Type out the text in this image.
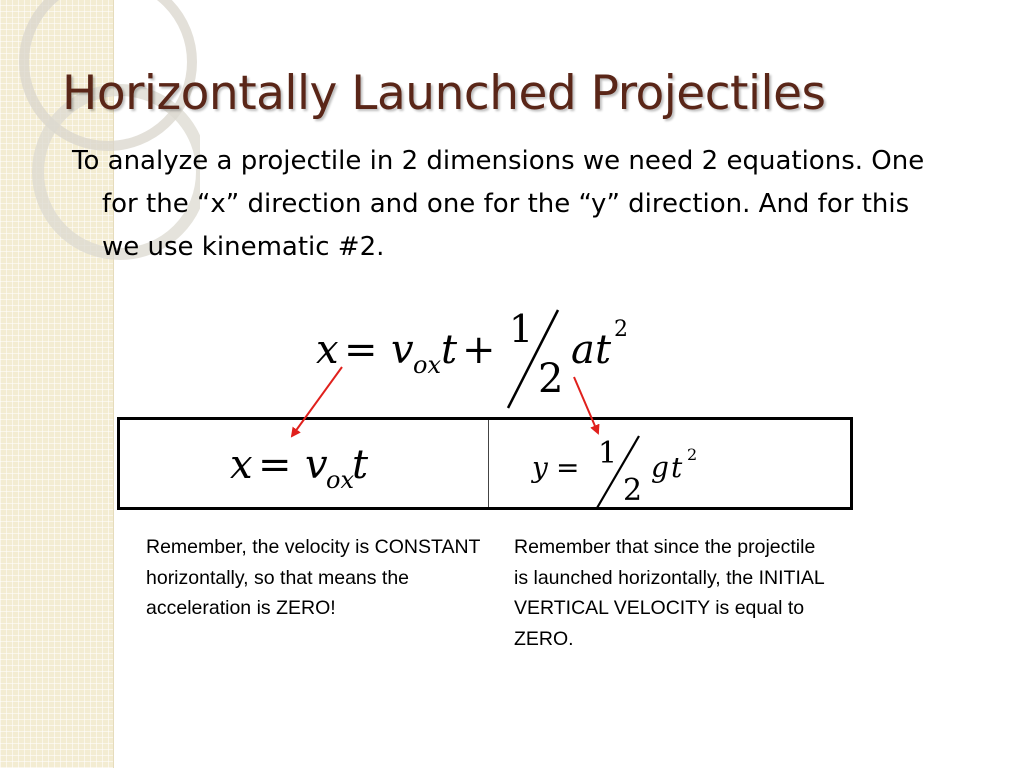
Horizontally Launched Projectiles

To analyze a projectile in 2 dimensions we need 2 equations. One for the “x” direction and one for the “y” direction. And for this we use kinematic #2.

x = v ox t + 1
2
a t 2
x = v
ox
t	y = 1
2
g t 2

Remember, the velocity is CONSTANT horizontally, so that means the acceleration is ZERO!

Remember that since the projectile is launched horizontally, the INITIAL VERTICAL VELOCITY is equal to ZERO.
